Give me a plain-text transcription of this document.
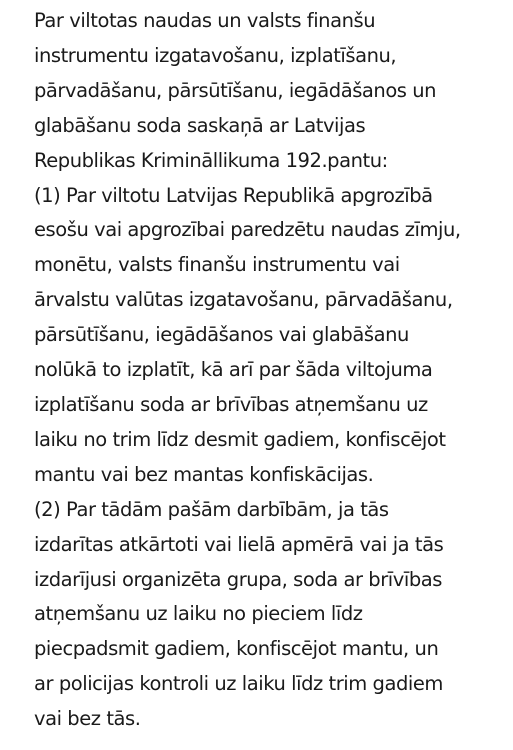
Par viltotas naudas un valsts finanšu
instrumentu izgatavošanu, izplatīšanu,
pārvadāšanu, pārsūtīšanu, iegādāšanos un
glabāšanu soda saskaņā ar Latvijas
Republikas Krimināllikuma 192.pantu:
(1) Par viltotu Latvijas Republikā apgrozībā
esošu vai apgrozībai paredzētu naudas zīmju,
monētu, valsts finanšu instrumentu vai
ārvalstu valūtas izgatavošanu, pārvadāšanu,
pārsūtīšanu, iegādāšanos vai glabāšanu
nolūkā to izplatīt, kā arī par šāda viltojuma
izplatīšanu soda ar brīvības atņemšanu uz
laiku no trim līdz desmit gadiem, konfiscējot
mantu vai bez mantas konfiskācijas.
(2) Par tādām pašām darbībām, ja tās
izdarītas atkārtoti vai lielā apmērā vai ja tās
izdarījusi organizēta grupa, soda ar brīvības
atņemšanu uz laiku no pieciem līdz
piecpadsmit gadiem, konfiscējot mantu, un
ar policijas kontroli uz laiku līdz trim gadiem
vai bez tās.
